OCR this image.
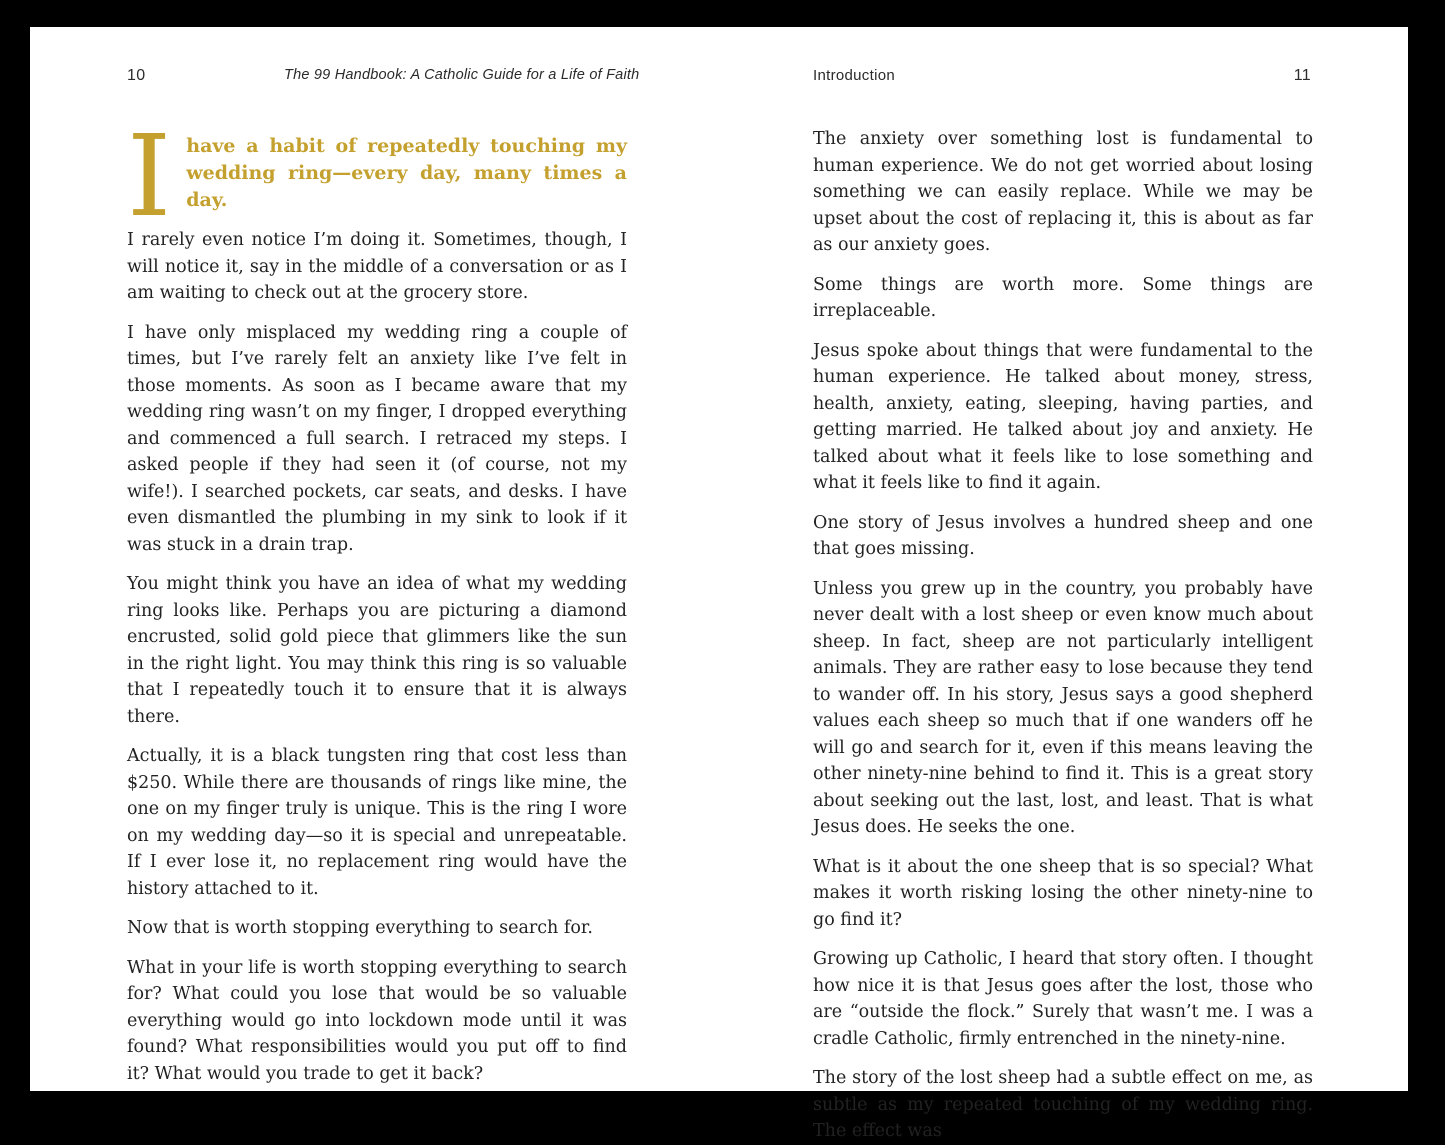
10	The 99 Handbook: A Catholic Guide for a Life of Faith

Ihave a habit of repeatedly touching my wedding ring—every day, many times a day.

I rarely even notice I’m doing it. Sometimes, though, I will notice it, say in the middle of a conversation or as I am waiting to check out at the grocery store.

I have only misplaced my wedding ring a couple of times, but I’ve rarely felt an anxiety like I’ve felt in those moments. As soon as I became aware that my wedding ring wasn’t on my finger, I dropped everything and commenced a full search. I retraced my steps. I asked people if they had seen it (of course, not my wife!). I searched pockets, car seats, and desks. I have even dismantled the plumbing in my sink to look if it was stuck in a drain trap.

You might think you have an idea of what my wedding ring looks like. Perhaps you are picturing a diamond encrusted, solid gold piece that glimmers like the sun in the right light. You may think this ring is so valuable that I repeatedly touch it to ensure that it is always there.

Actually, it is a black tungsten ring that cost less than $250. While there are thousands of rings like mine, the one on my finger truly is unique. This is the ring I wore on my wedding day—so it is special and unrepeatable. If I ever lose it, no replacement ring would have the history attached to it.

Now that is worth stopping everything to search for.

What in your life is worth stopping everything to search for? What could you lose that would be so valuable everything would go into lockdown mode until it was found? What responsibilities would you put off to find it? What would you trade to get it back?

Introduction	11

The anxiety over something lost is fundamental to human experience. We do not get worried about losing something we can easily replace. While we may be upset about the cost of replacing it, this is about as far as our anxiety goes.

Some things are worth more. Some things are irreplaceable.

Jesus spoke about things that were fundamental to the human experience. He talked about money, stress, health, anxiety, eating, sleeping, having parties, and getting married. He talked about joy and anxiety. He talked about what it feels like to lose something and what it feels like to find it again.

One story of Jesus involves a hundred sheep and one that goes missing.

Unless you grew up in the country, you probably have never dealt with a lost sheep or even know much about sheep. In fact, sheep are not particularly intelligent animals. They are rather easy to lose because they tend to wander off. In his story, Jesus says a good shepherd values each sheep so much that if one wanders off he will go and search for it, even if this means leaving the other ninety-nine behind to find it. This is a great story about seeking out the last, lost, and least. That is what Jesus does. He seeks the one.

What is it about the one sheep that is so special? What makes it worth risking losing the other ninety-nine to go find it?

Growing up Catholic, I heard that story often. I thought how nice it is that Jesus goes after the lost, those who are “outside the flock.” Surely that wasn’t me. I was a cradle Catholic, firmly entrenched in the ninety-nine.

The story of the lost sheep had a subtle effect on me, as subtle as my repeated touching of my wedding ring. The effect was
